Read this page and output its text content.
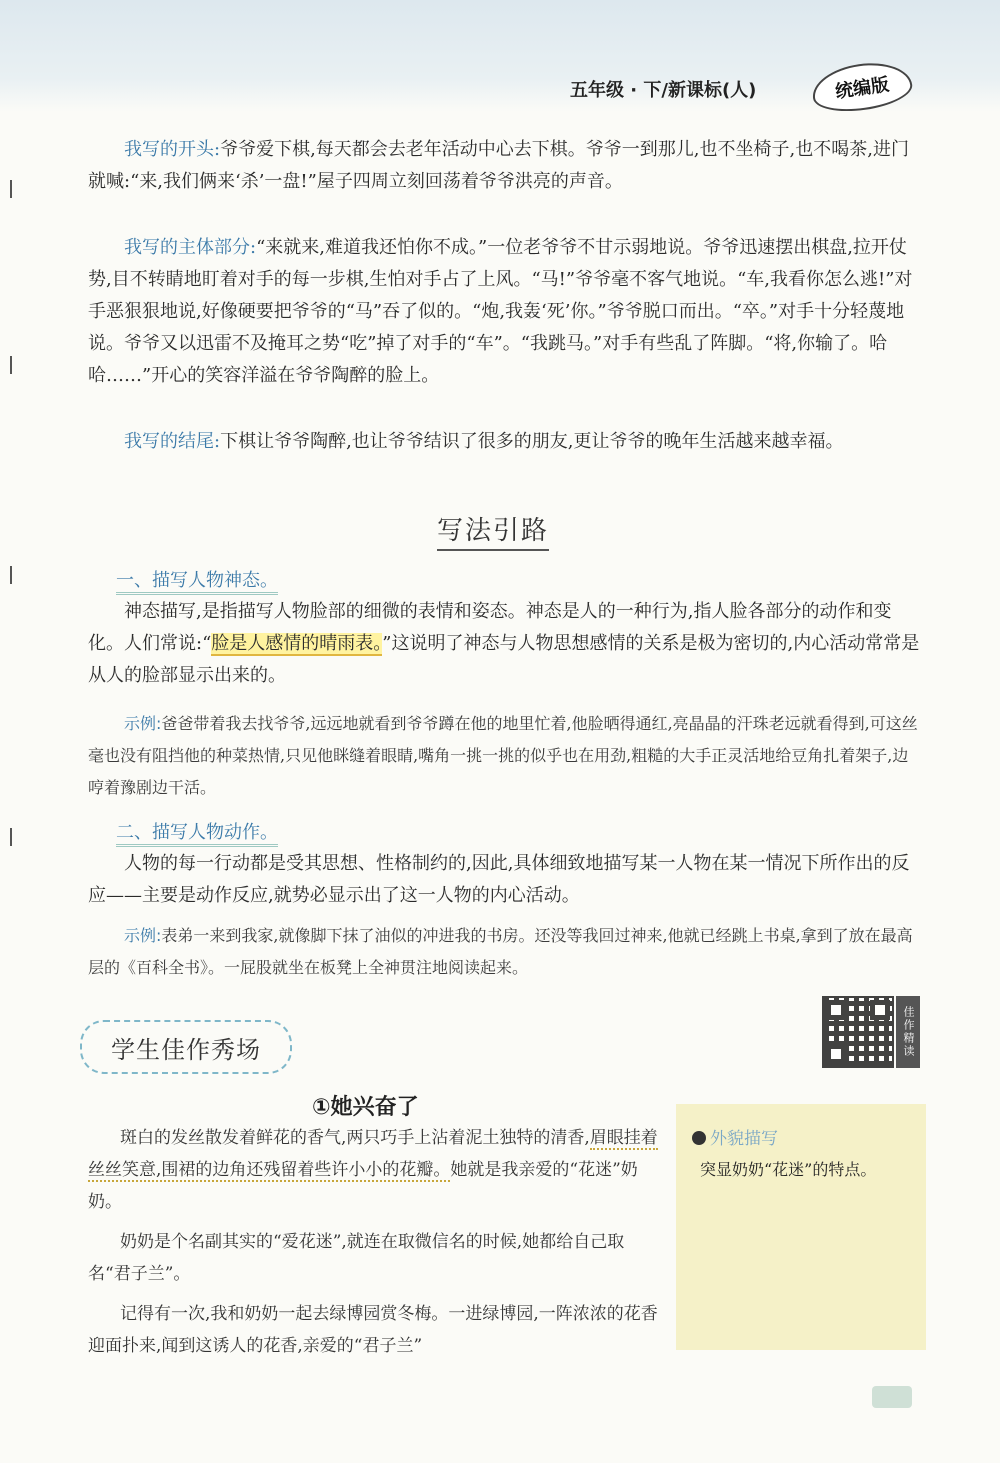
五年级 · 下/新课标(人)	统编版

我写的开头:爷爷爱下棋,每天都会去老年活动中心去下棋。爷爷一到那儿,也不坐椅子,也不喝茶,进门就喊:“来,我们俩来‘杀’一盘!”屋子四周立刻回荡着爷爷洪亮的声音。

我写的主体部分:“来就来,难道我还怕你不成。”一位老爷爷不甘示弱地说。爷爷迅速摆出棋盘,拉开仗势,目不转睛地盯着对手的每一步棋,生怕对手占了上风。“马!”爷爷毫不客气地说。“车,我看你怎么逃!”对手恶狠狠地说,好像硬要把爷爷的“马”吞了似的。“炮,我轰‘死’你。”爷爷脱口而出。“卒。”对手十分轻蔑地说。爷爷又以迅雷不及掩耳之势“吃”掉了对手的“车”。“我跳马。”对手有些乱了阵脚。“将,你输了。哈哈……”开心的笑容洋溢在爷爷陶醉的脸上。

我写的结尾:下棋让爷爷陶醉,也让爷爷结识了很多的朋友,更让爷爷的晚年生活越来越幸福。

写法引路
一、描写人物神态。

神态描写,是指描写人物脸部的细微的表情和姿态。神态是人的一种行为,指人脸各部分的动作和变化。人们常说:“脸是人感情的晴雨表。”这说明了神态与人物思想感情的关系是极为密切的,内心活动常常是从人的脸部显示出来的。

示例:爸爸带着我去找爷爷,远远地就看到爷爷蹲在他的地里忙着,他脸晒得通红,亮晶晶的汗珠老远就看得到,可这丝毫也没有阻挡他的种菜热情,只见他眯缝着眼睛,嘴角一挑一挑的似乎也在用劲,粗糙的大手正灵活地给豆角扎着架子,边哼着豫剧边干活。

二、描写人物动作。

人物的每一行动都是受其思想、性格制约的,因此,具体细致地描写某一人物在某一情况下所作出的反应——主要是动作反应,就势必显示出了这一人物的内心活动。

示例:表弟一来到我家,就像脚下抹了油似的冲进我的书房。还没等我回过神来,他就已经跳上书桌,拿到了放在最高层的《百科全书》。一屁股就坐在板凳上全神贯注地阅读起来。

学生佳作秀场	佳作精读
①她兴奋了

斑白的发丝散发着鲜花的香气,两只巧手上沾着泥土独特的清香,眉眼挂着丝丝笑意,围裙的边角还残留着些许小小的花瓣。她就是我亲爱的“花迷”奶奶。

奶奶是个名副其实的“爱花迷”,就连在取微信名的时候,她都给自己取名“君子兰”。

记得有一次,我和奶奶一起去绿博园赏冬梅。一进绿博园,一阵浓浓的花香迎面扑来,闻到这诱人的花香,亲爱的“君子兰”

外貌描写
突显奶奶“花迷”的特点。
